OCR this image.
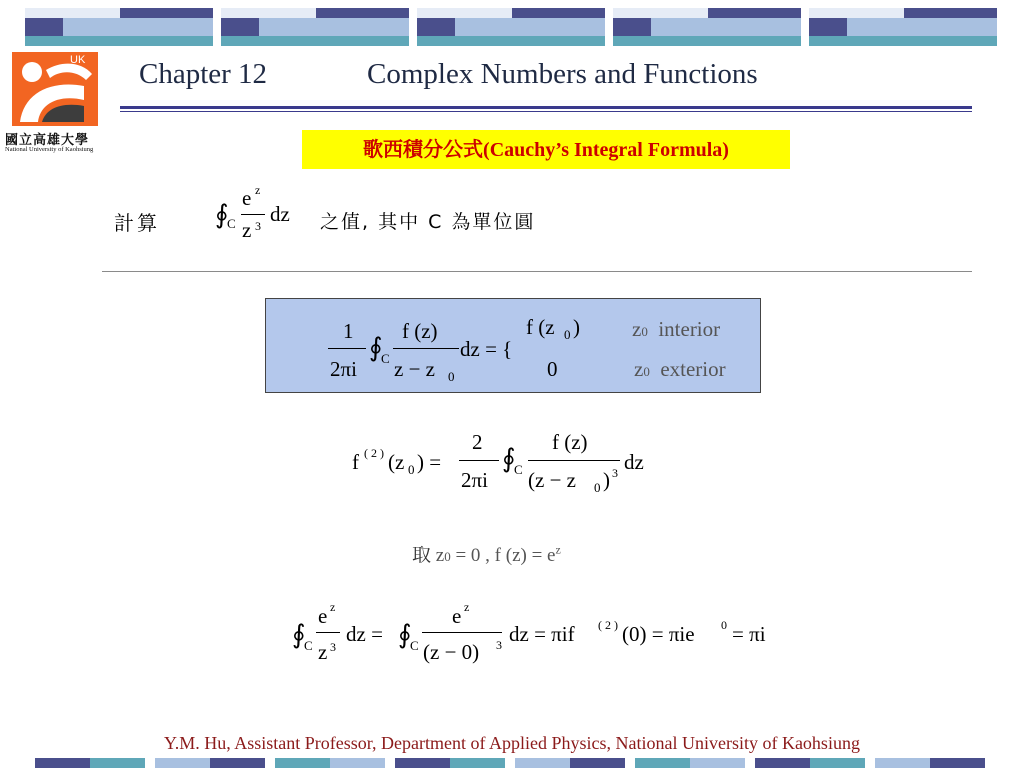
UK
國立高雄大學
National University of Kaohsiung
Chapter 12	Complex Numbers and Functions
歌西積分公式(Cauchy’s Integral Formula)
計算 ∮
C
e z
z 3 dz 之值, 其中 C 為單位圓
1
2πi
∮
C
f (z)
z − z 0
dz = {
f (z 0 )
0
z0 interior
z0 exterior
f ( 2 ) (z 0 ) =
2
2πi
∮
C
f (z)
(z − z 0 ) 3 dz
取 z0 = 0 , f $(z) = e^z$
∮
C
e z
z 3
dz = ∮
C
e z
(z − 0) 3 dz = πif ( 2 ) (0) = πie 0 = πi
Y.M. Hu, Assistant Professor, Department of Applied Physics, National University of Kaohsiung
